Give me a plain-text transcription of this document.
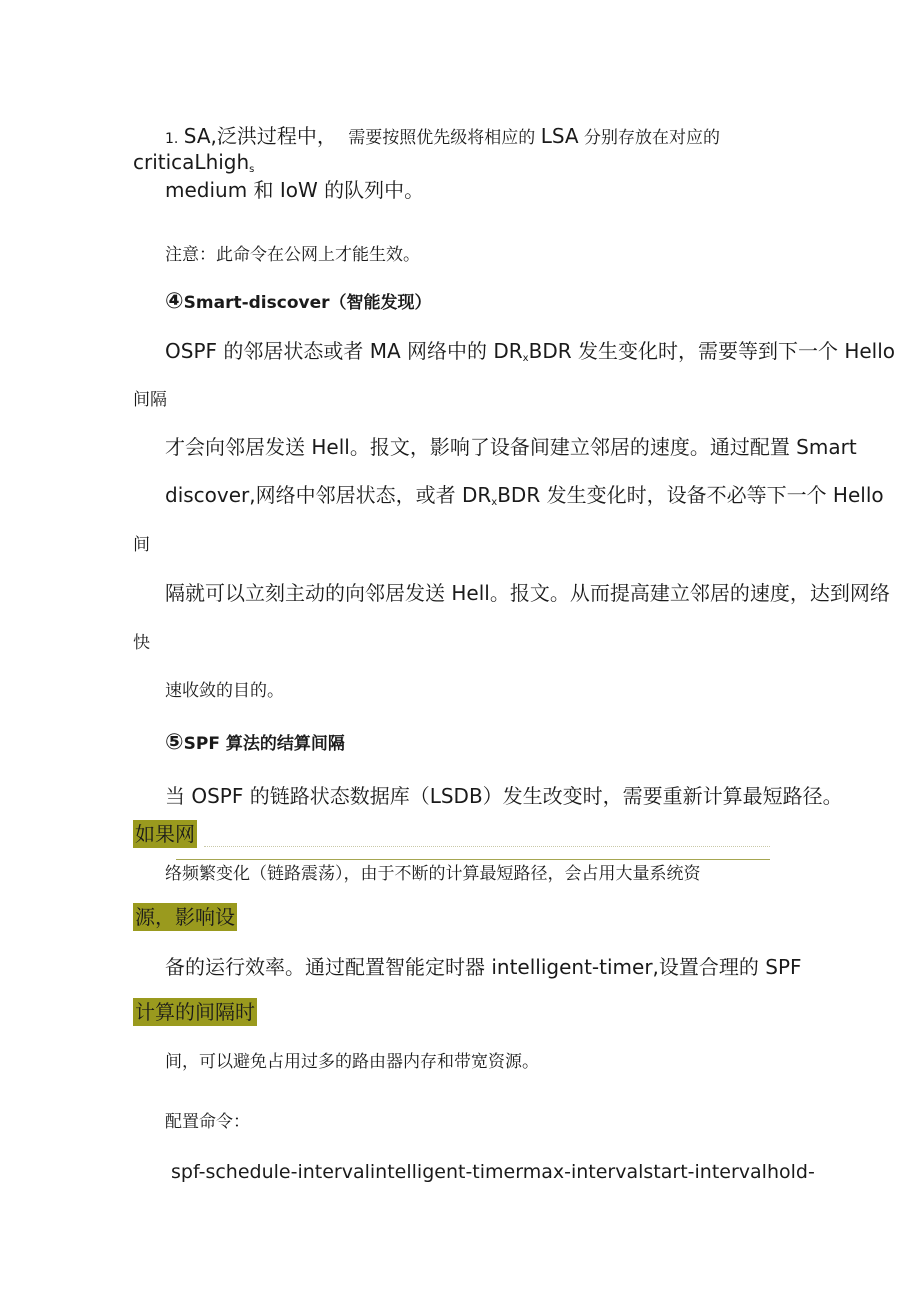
1. SA,泛洪过程中， 需要按照优先级将相应的 LSA 分别存放在对应的
criticaLhigh$_s$
medium 和 IoW 的队列中。
注意：此命令在公网上才能生效。
④Smart-discover（智能发现）
OSPF 的邻居状态或者 MA 网络中的 $DR_xBDR$ 发生变化时，需要等到下一个 Hello
间隔
才会向邻居发送 Hell。报文，影响了设备间建立邻居的速度。通过配置 Smart
discover,网络中邻居状态，或者 $DR_xBDR$ 发生变化时，设备不必等下一个 Hello
间
隔就可以立刻主动的向邻居发送 Hell。报文。从而提高建立邻居的速度，达到网络
快
速收敛的目的。
⑤SPF 算法的结算间隔
当 OSPF 的链路状态数据库（LSDB）发生改变时，需要重新计算最短路径。
如果网
络频繁变化（链路震荡），由于不断的计算最短路径，会占用大量系统资
源，影响设
备的运行效率。通过配置智能定时器 intelligent-timer,设置合理的 SPF
计算的间隔时
间，可以避免占用过多的路由器内存和带宽资源。
配置命令：
spf-schedule-intervalintelligent-timermax-intervalstart-intervalhold-
